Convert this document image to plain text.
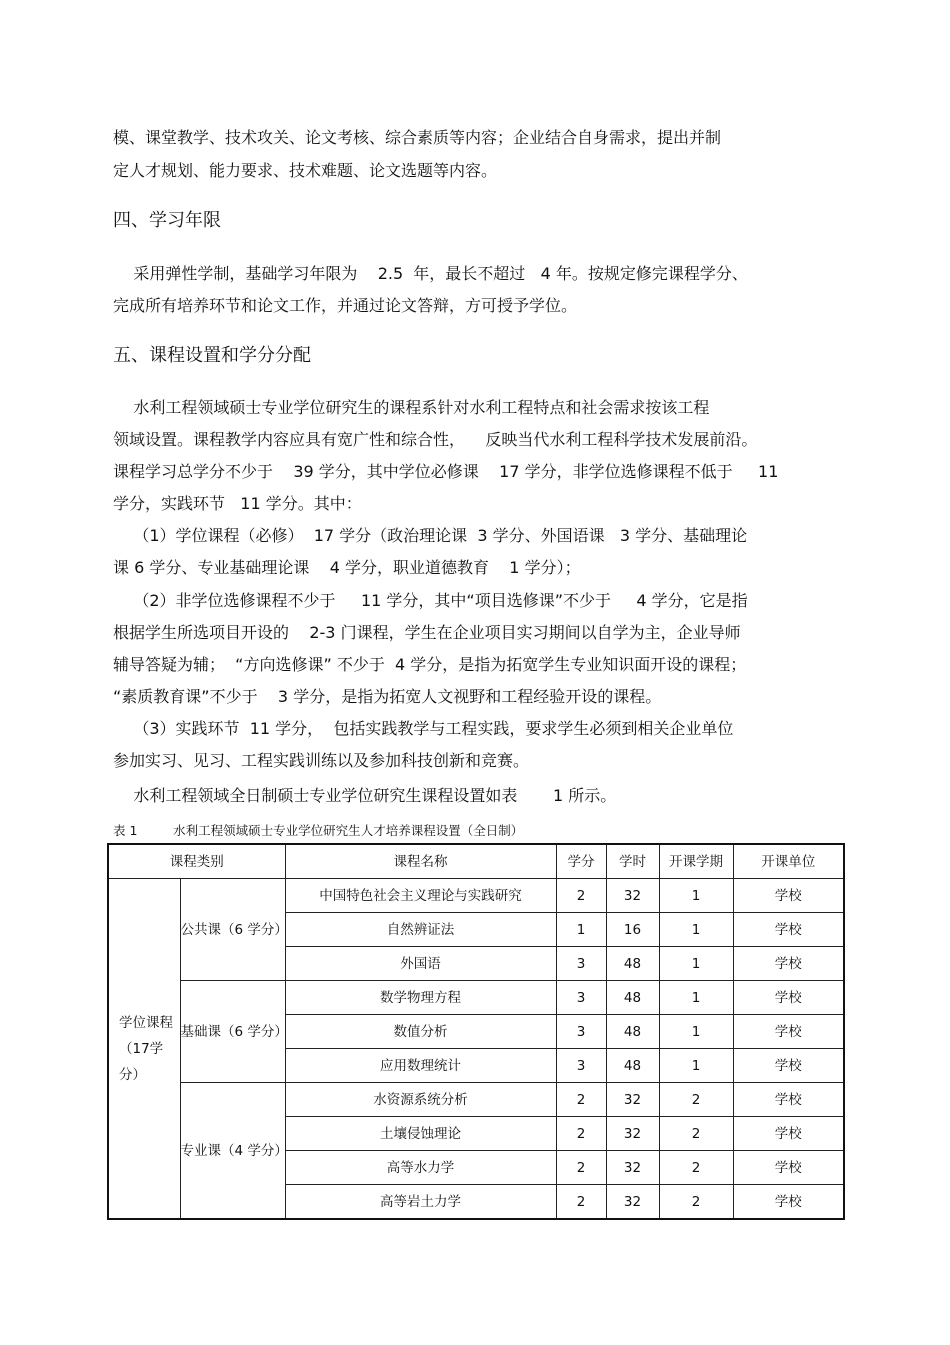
模、课堂教学、技术攻关、论文考核、综合素质等内容；企业结合自身需求，提出并制
定人才规划、能力要求、技术难题、论文选题等内容。
四、学习年限
采用弹性学制，基础学习年限为    2.5  年，最长不超过   4 年。按规定修完课程学分、
完成所有培养环节和论文工作，并通过论文答辩，方可授予学位。
五、课程设置和学分分配
水利工程领域硕士专业学位研究生的课程系针对水利工程特点和社会需求按该工程
领域设置。课程教学内容应具有宽广性和综合性，    反映当代水利工程科学技术发展前沿。
课程学习总学分不少于    39 学分，其中学位必修课    17 学分，非学位选修课程不低于     11
学分，实践环节   11 学分。其中：
（1）学位课程（必修）  17 学分（政治理论课  3 学分、外国语课   3 学分、基础理论
课 6 学分、专业基础理论课    4 学分，职业道德教育    1 学分）；
（2）非学位选修课程不少于     11 学分，其中“项目选修课”不少于     4 学分，它是指
根据学生所选项目开设的    2-3 门课程，学生在企业项目实习期间以自学为主，企业导师
辅导答疑为辅；  “方向选修课” 不少于  4 学分，是指为拓宽学生专业知识面开设的课程；
“素质教育课”不少于    3 学分，是指为拓宽人文视野和工程经验开设的课程。
（3）实践环节  11 学分，  包括实践教学与工程实践，要求学生必须到相关企业单位
参加实习、见习、工程实践训练以及参加科技创新和竞赛。
水利工程领域全日制硕士专业学位研究生课程设置如表       1 所示。
表 1         水利工程领域硕士专业学位研究生人才培养课程设置（全日制）
课程类别		课程名称	学分	学时	开课学期	开课单位
学位课程（17学分）	公共课（6 学分）	中国特色社会主义理论与实践研究	2	32	1	学校
		自然辨证法	1	16	1	学校
		外国语	3	48	1	学校
	基础课（6 学分）	数学物理方程	3	48	1	学校
		数值分析	3	48	1	学校
		应用数理统计	3	48	1	学校
	专业课（4 学分）	水资源系统分析	2	32	2	学校
		土壤侵蚀理论	2	32	2	学校
		高等水力学	2	32	2	学校
		高等岩土力学	2	32	2	学校
